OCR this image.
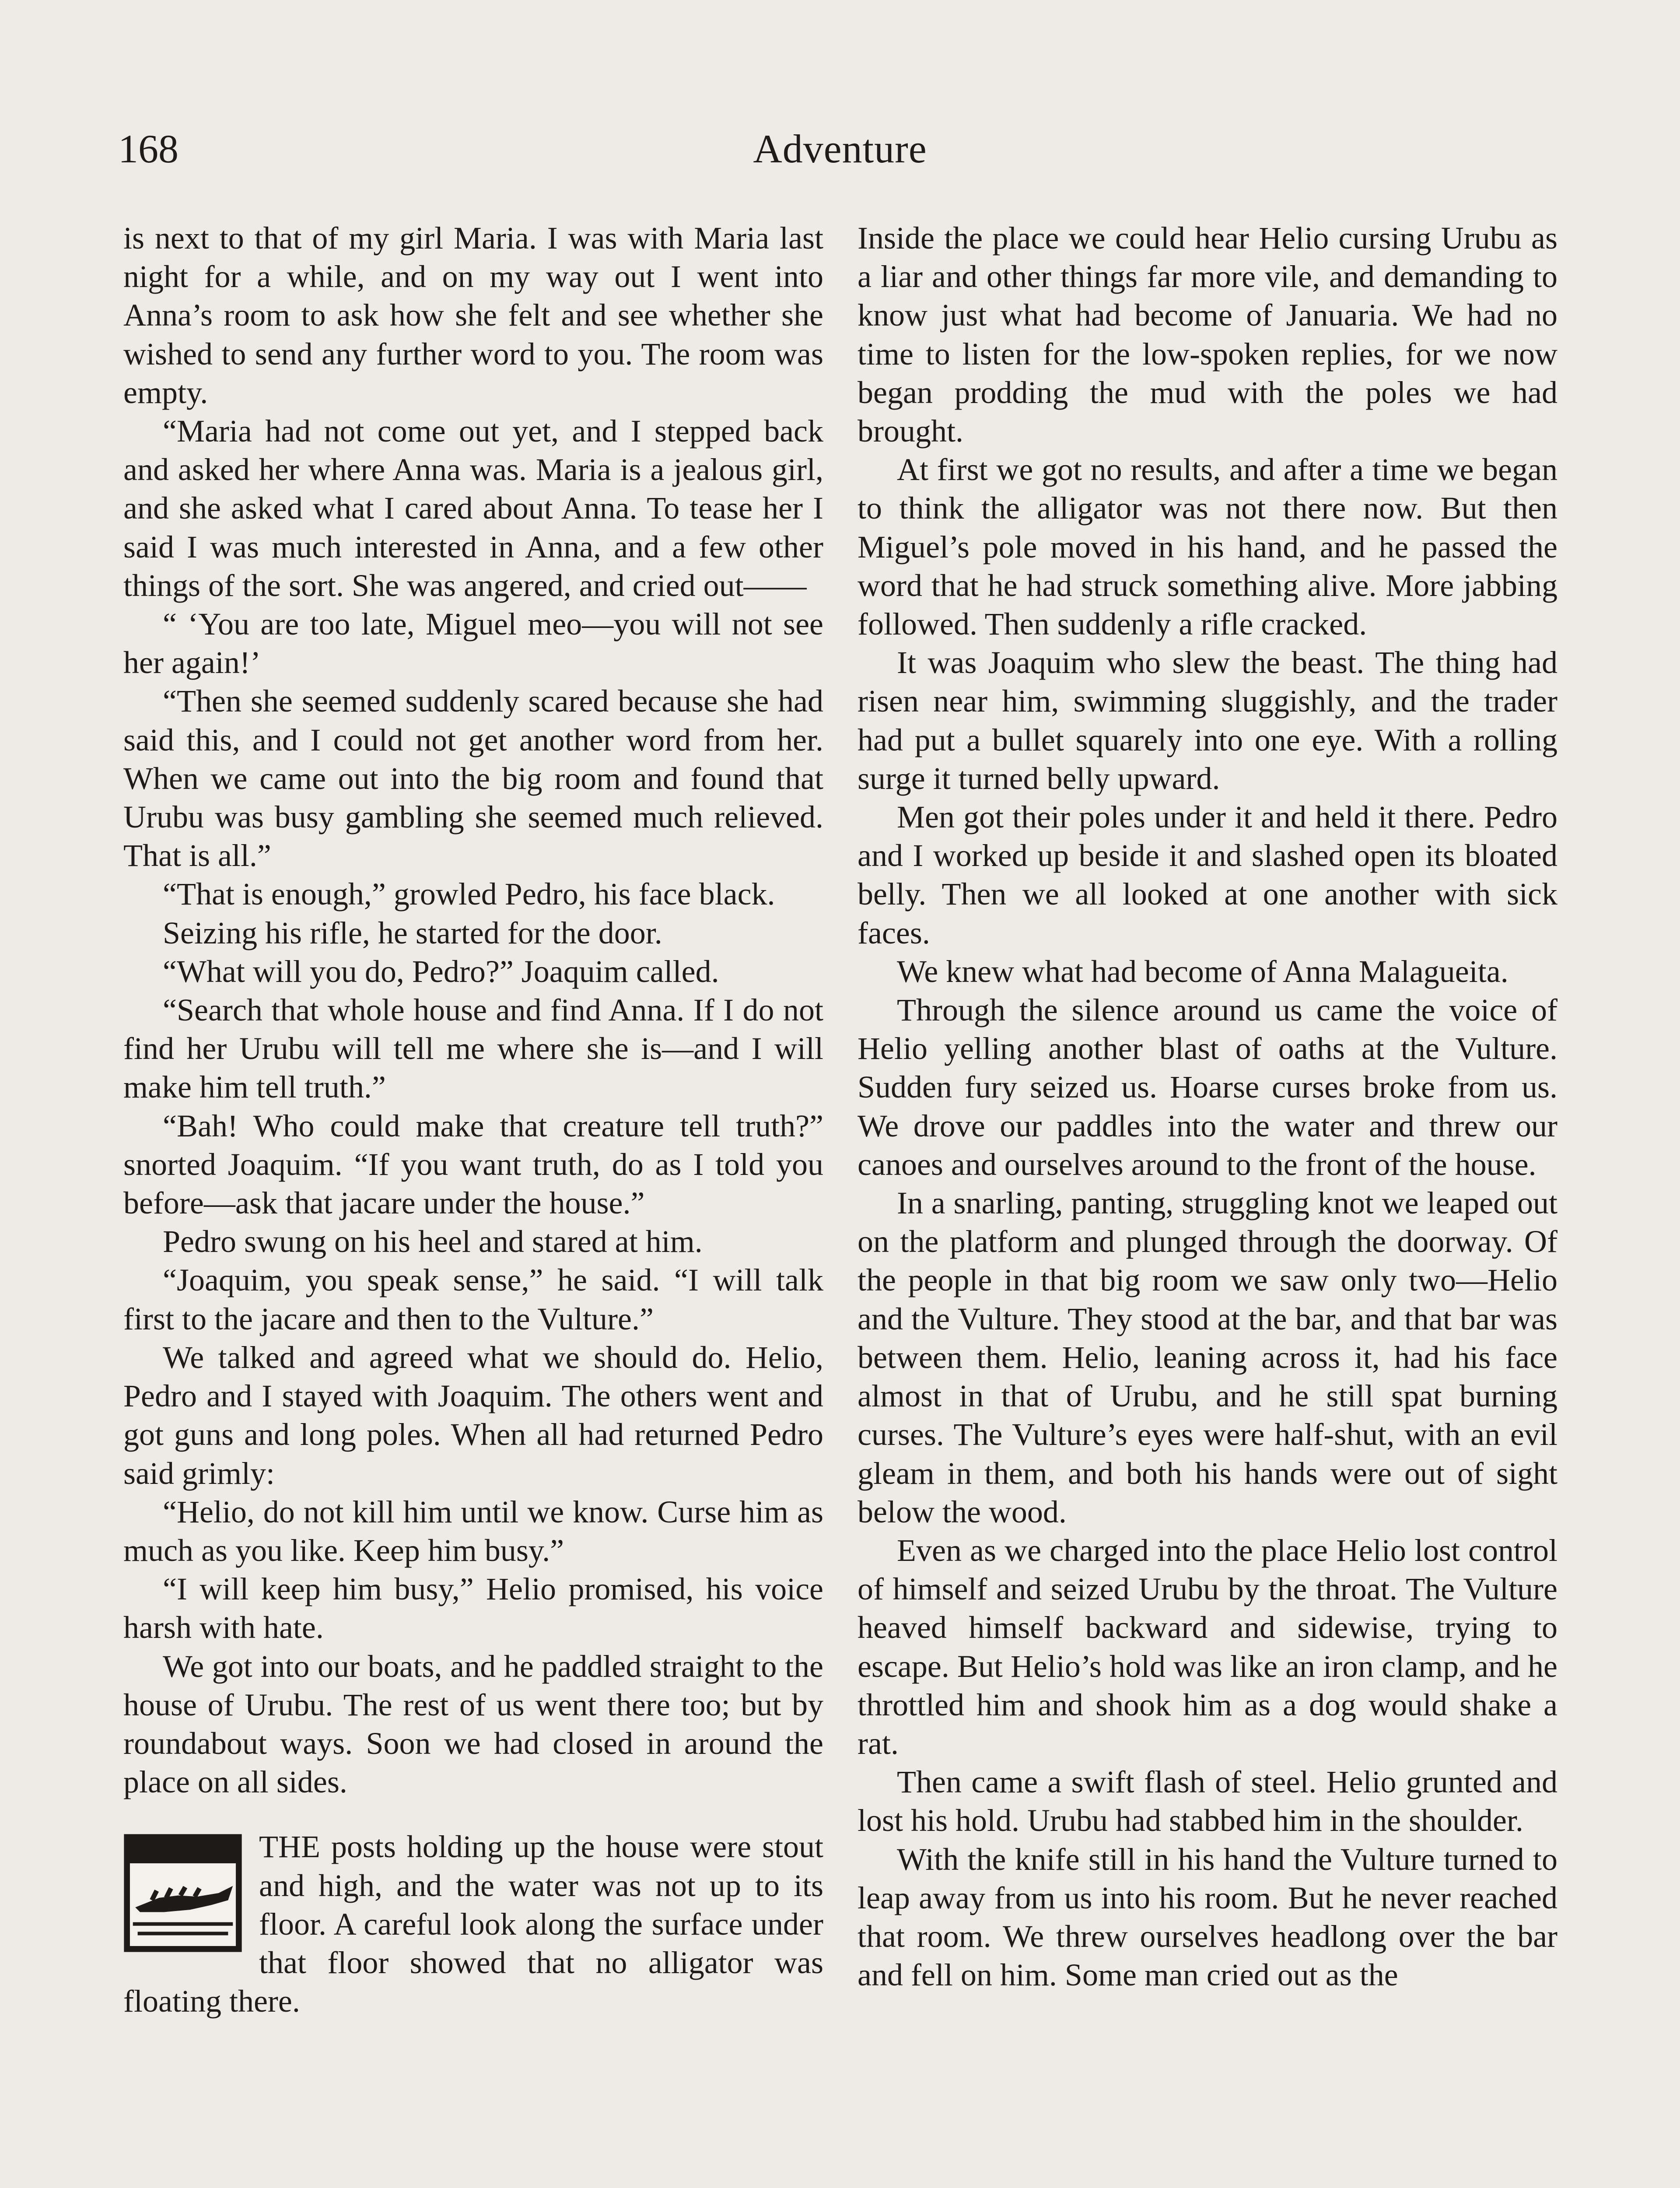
168	Adventure

is next to that of my girl Maria. I was with Maria last night for a while, and on my way out I went into Anna’s room to ask how she felt and see whether she wished to send any further word to you. The room was empty.

“Maria had not come out yet, and I stepped back and asked her where Anna was. Maria is a jealous girl, and she asked what I cared about Anna. To tease her I said I was much interested in Anna, and a few other things of the sort. She was angered, and cried out——

“ ‘You are too late, Miguel meo—you will not see her again!’

“Then she seemed suddenly scared because she had said this, and I could not get another word from her. When we came out into the big room and found that Urubu was busy gambling she seemed much relieved. That is all.”

“That is enough,” growled Pedro, his face black.

Seizing his rifle, he started for the door.

“What will you do, Pedro?” Joaquim called.

“Search that whole house and find Anna. If I do not find her Urubu will tell me where she is—and I will make him tell truth.”

“Bah! Who could make that creature tell truth?” snorted Joaquim. “If you want truth, do as I told you before—ask that jacare under the house.”

Pedro swung on his heel and stared at him.

“Joaquim, you speak sense,” he said. “I will talk first to the jacare and then to the Vulture.”

We talked and agreed what we should do. Helio, Pedro and I stayed with Joaquim. The others went and got guns and long poles. When all had returned Pedro said grimly:

“Helio, do not kill him until we know. Curse him as much as you like. Keep him busy.”

“I will keep him busy,” Helio promised, his voice harsh with hate.

We got into our boats, and he paddled straight to the house of Urubu. The rest of us went there too; but by roundabout ways. Soon we had closed in around the place on all sides.

THE posts holding up the house were stout and high, and the water was not up to its floor. A careful look along the surface under that floor showed that no alligator was floating there.

Inside the place we could hear Helio cursing Urubu as a liar and other things far more vile, and demanding to know just what had become of Januaria. We had no time to listen for the low-spoken replies, for we now began prodding the mud with the poles we had brought.

At first we got no results, and after a time we began to think the alligator was not there now. But then Miguel’s pole moved in his hand, and he passed the word that he had struck something alive. More jabbing followed. Then suddenly a rifle cracked.

It was Joaquim who slew the beast. The thing had risen near him, swimming sluggishly, and the trader had put a bullet squarely into one eye. With a rolling surge it turned belly upward.

Men got their poles under it and held it there. Pedro and I worked up beside it and slashed open its bloated belly. Then we all looked at one another with sick faces.

We knew what had become of Anna Malagueita.

Through the silence around us came the voice of Helio yelling another blast of oaths at the Vulture. Sudden fury seized us. Hoarse curses broke from us. We drove our paddles into the water and threw our canoes and ourselves around to the front of the house.

In a snarling, panting, struggling knot we leaped out on the platform and plunged through the doorway. Of the people in that big room we saw only two—Helio and the Vulture. They stood at the bar, and that bar was between them. Helio, leaning across it, had his face almost in that of Urubu, and he still spat burning curses. The Vulture’s eyes were half-shut, with an evil gleam in them, and both his hands were out of sight below the wood.

Even as we charged into the place Helio lost control of himself and seized Urubu by the throat. The Vulture heaved himself backward and sidewise, trying to escape. But Helio’s hold was like an iron clamp, and he throttled him and shook him as a dog would shake a rat.

Then came a swift flash of steel. Helio grunted and lost his hold. Urubu had stabbed him in the shoulder.

With the knife still in his hand the Vulture turned to leap away from us into his room. But he never reached that room. We threw ourselves headlong over the bar and fell on him. Some man cried out as the
